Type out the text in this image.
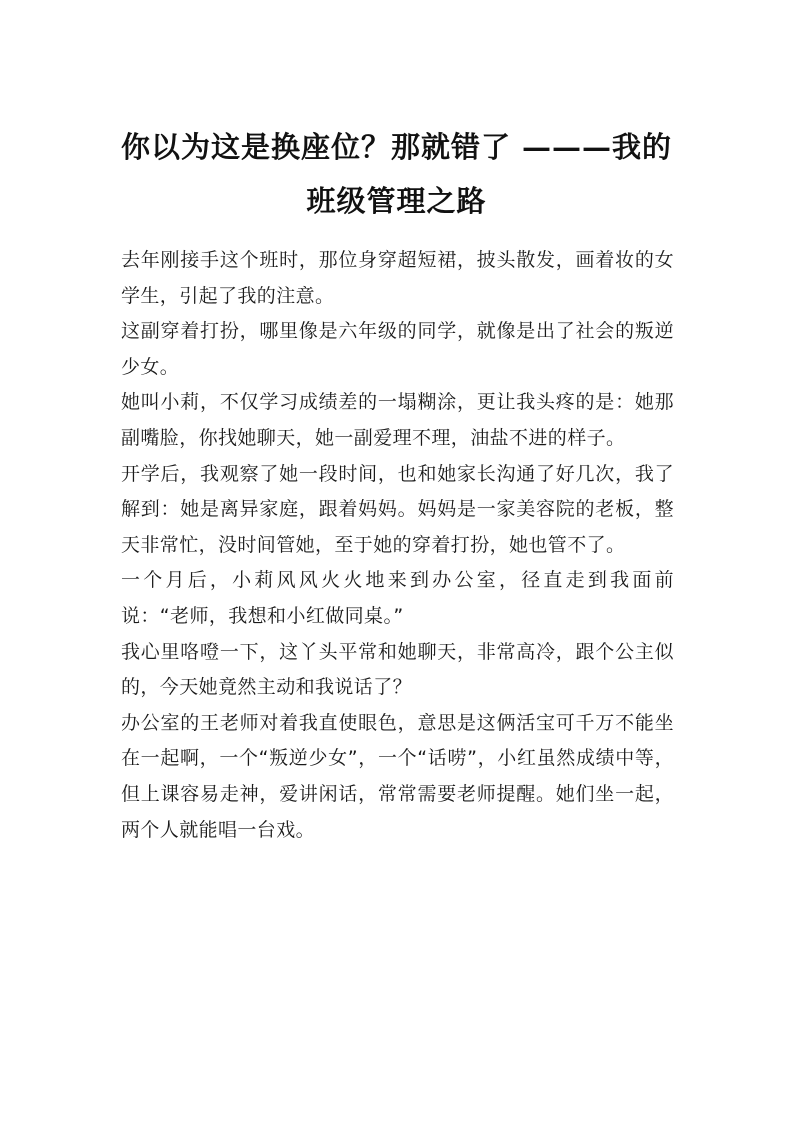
你以为这是换座位？那就错了 ———我的班级管理之路

去年刚接手这个班时，那位身穿超短裙，披头散发，画着妆的女学生，引起了我的注意。

这副穿着打扮，哪里像是六年级的同学，就像是出了社会的叛逆少女。

她叫小莉，不仅学习成绩差的一塌糊涂，更让我头疼的是：她那副嘴脸，你找她聊天，她一副爱理不理，油盐不进的样子。

开学后，我观察了她一段时间，也和她家长沟通了好几次，我了解到：她是离异家庭，跟着妈妈。妈妈是一家美容院的老板，整天非常忙，没时间管她，至于她的穿着打扮，她也管不了。

一个月后，小莉风风火火地来到办公室，径直走到我面前说：“老师，我想和小红做同桌。”

我心里咯噔一下，这丫头平常和她聊天，非常高冷，跟个公主似的，今天她竟然主动和我说话了？

办公室的王老师对着我直使眼色，意思是这俩活宝可千万不能坐在一起啊，一个“叛逆少女”，一个“话唠”，小红虽然成绩中等，但上课容易走神，爱讲闲话，常常需要老师提醒。她们坐一起，两个人就能唱一台戏。
